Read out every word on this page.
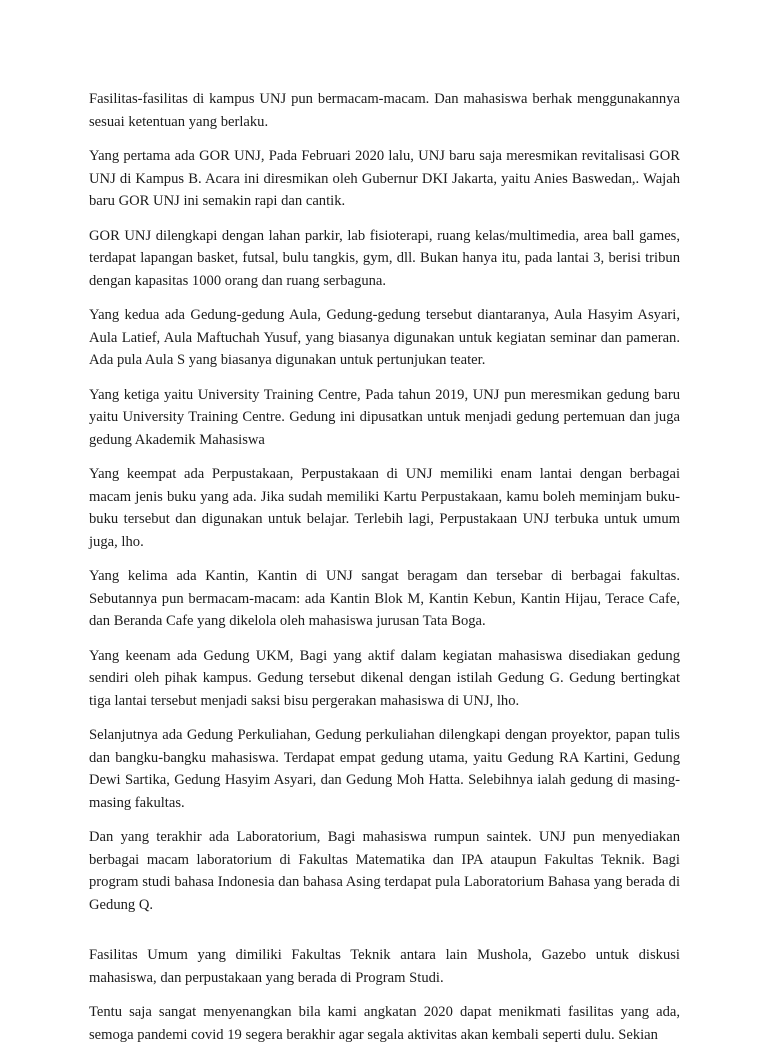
Fasilitas-fasilitas di kampus UNJ pun bermacam-macam. Dan mahasiswa berhak menggunakannya sesuai ketentuan yang berlaku.

Yang pertama ada GOR UNJ, Pada Februari 2020 lalu, UNJ baru saja meresmikan revitalisasi GOR UNJ di Kampus B. Acara ini diresmikan oleh Gubernur DKI Jakarta, yaitu Anies Baswedan,. Wajah baru GOR UNJ ini semakin rapi dan cantik.

GOR UNJ dilengkapi dengan lahan parkir, lab fisioterapi, ruang kelas/multimedia, area ball games, terdapat lapangan basket, futsal, bulu tangkis, gym, dll. Bukan hanya itu, pada lantai 3, berisi tribun dengan kapasitas 1000 orang dan ruang serbaguna.

Yang kedua ada Gedung-gedung Aula, Gedung-gedung tersebut diantaranya, Aula Hasyim Asyari, Aula Latief, Aula Maftuchah Yusuf, yang biasanya digunakan untuk kegiatan seminar dan pameran. Ada pula Aula S yang biasanya digunakan untuk pertunjukan teater.

Yang ketiga yaitu University Training Centre, Pada tahun 2019, UNJ pun meresmikan gedung baru yaitu University Training Centre. Gedung ini dipusatkan untuk menjadi gedung pertemuan dan juga gedung Akademik Mahasiswa

Yang keempat ada Perpustakaan, Perpustakaan di UNJ memiliki enam lantai dengan berbagai macam jenis buku yang ada. Jika sudah memiliki Kartu Perpustakaan, kamu boleh meminjam buku-buku tersebut dan digunakan untuk belajar. Terlebih lagi, Perpustakaan UNJ terbuka untuk umum juga, lho.

Yang kelima ada Kantin, Kantin di UNJ sangat beragam dan tersebar di berbagai fakultas. Sebutannya pun bermacam-macam: ada Kantin Blok M, Kantin Kebun, Kantin Hijau, Terace Cafe, dan Beranda Cafe yang dikelola oleh mahasiswa jurusan Tata Boga.

Yang keenam ada Gedung UKM, Bagi yang aktif dalam kegiatan mahasiswa disediakan gedung sendiri oleh pihak kampus. Gedung tersebut dikenal dengan istilah Gedung G. Gedung bertingkat tiga lantai tersebut menjadi saksi bisu pergerakan mahasiswa di UNJ, lho.

Selanjutnya ada Gedung Perkuliahan, Gedung perkuliahan dilengkapi dengan proyektor, papan tulis dan bangku-bangku mahasiswa. Terdapat empat gedung utama, yaitu Gedung RA Kartini, Gedung Dewi Sartika, Gedung Hasyim Asyari, dan Gedung Moh Hatta. Selebihnya ialah gedung di masing-masing fakultas.

Dan yang terakhir ada Laboratorium, Bagi mahasiswa rumpun saintek. UNJ pun menyediakan berbagai macam laboratorium di Fakultas Matematika dan IPA ataupun Fakultas Teknik. Bagi program studi bahasa Indonesia dan bahasa Asing terdapat pula Laboratorium Bahasa yang berada di Gedung Q.

Fasilitas Umum yang dimiliki Fakultas Teknik antara lain Mushola, Gazebo untuk diskusi mahasiswa, dan perpustakaan yang berada di Program Studi.

Tentu saja sangat menyenangkan bila kami angkatan 2020 dapat menikmati fasilitas yang ada, semoga pandemi covid 19 segera berakhir agar segala aktivitas akan kembali seperti dulu. Sekian
